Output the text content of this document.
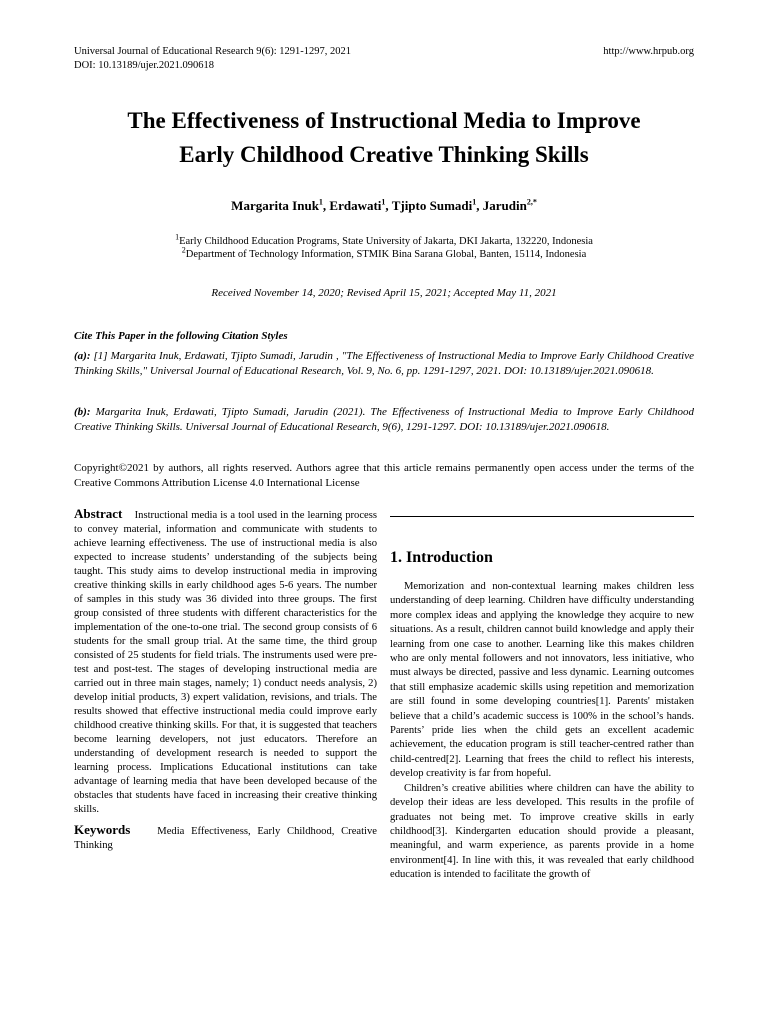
Universal Journal of Educational Research 9(6): 1291-1297, 2021
DOI: 10.13189/ujer.2021.090618
http://www.hrpub.org
The Effectiveness of Instructional Media to Improve
Early Childhood Creative Thinking Skills
Margarita Inuk$^1$, Erdawati$^1$, Tjipto Sumadi$^1$, Jarudin$^{2,*}$
$^1$Early Childhood Education Programs, State University of Jakarta, DKI Jakarta, 132220, Indonesia
$^2$Department of Technology Information, STMIK Bina Sarana Global, Banten, 15114, Indonesia
Received November 14, 2020; Revised April 15, 2021; Accepted May 11, 2021
Cite This Paper in the following Citation Styles
(a): [1] Margarita Inuk, Erdawati, Tjipto Sumadi, Jarudin , "The Effectiveness of Instructional Media to Improve Early Childhood Creative Thinking Skills," Universal Journal of Educational Research, Vol. 9, No. 6, pp. 1291-1297, 2021. DOI: 10.13189/ujer.2021.090618.
(b): Margarita Inuk, Erdawati, Tjipto Sumadi, Jarudin (2021). The Effectiveness of Instructional Media to Improve Early Childhood Creative Thinking Skills. Universal Journal of Educational Research, 9(6), 1291-1297. DOI: 10.13189/ujer.2021.090618.
Copyright©2021 by authors, all rights reserved. Authors agree that this article remains permanently open access under the terms of the Creative Commons Attribution License 4.0 International License

Abstract Instructional media is a tool used in the learning process to convey material, information and communicate with students to achieve learning effectiveness. The use of instructional media is also expected to increase students’ understanding of the subjects being taught. This study aims to develop instructional media in improving creative thinking skills in early childhood ages 5-6 years. The number of samples in this study was 36 divided into three groups. The first group consisted of three students with different characteristics for the implementation of the one-to-one trial. The second group consists of 6 students for the small group trial. At the same time, the third group consisted of 25 students for field trials. The instruments used were pre-test and post-test. The stages of developing instructional media are carried out in three main stages, namely; 1) conduct needs analysis, 2) develop initial products, 3) expert validation, revisions, and trials. The results showed that effective instructional media could improve early childhood creative thinking skills. For that, it is suggested that teachers become learning developers, not just educators. Therefore an understanding of development research is needed to support the learning process. Implications Educational institutions can take advantage of learning media that have been developed because of the obstacles that students have faced in increasing their creative thinking skills.

Keywords	Media Effectiveness, Early Childhood, Creative Thinking

1. Introduction

Memorization and non-contextual learning makes children less understanding of deep learning. Children have difficulty understanding more complex ideas and applying the knowledge they acquire to new situations. As a result, children cannot build knowledge and apply their learning from one case to another. Learning like this makes children who are only mental followers and not innovators, less initiative, who must always be directed, passive and less dynamic. Learning outcomes that still emphasize academic skills using repetition and memorization are still found in some developing countries[1]. Parents' mistaken believe that a child’s academic success is 100% in the school’s hands. Parents’ pride lies when the child gets an excellent academic achievement, the education program is still teacher-centred rather than child-centred[2]. Learning that frees the child to reflect his interests, develop creativity is far from hopeful.

Children’s creative abilities where children can have the ability to develop their ideas are less developed. This results in the profile of graduates not being met. To improve creative skills in early childhood[3]. Kindergarten education should provide a pleasant, meaningful, and warm experience, as parents provide in a home environment[4]. In line with this, it was revealed that early childhood education is intended to facilitate the growth of
